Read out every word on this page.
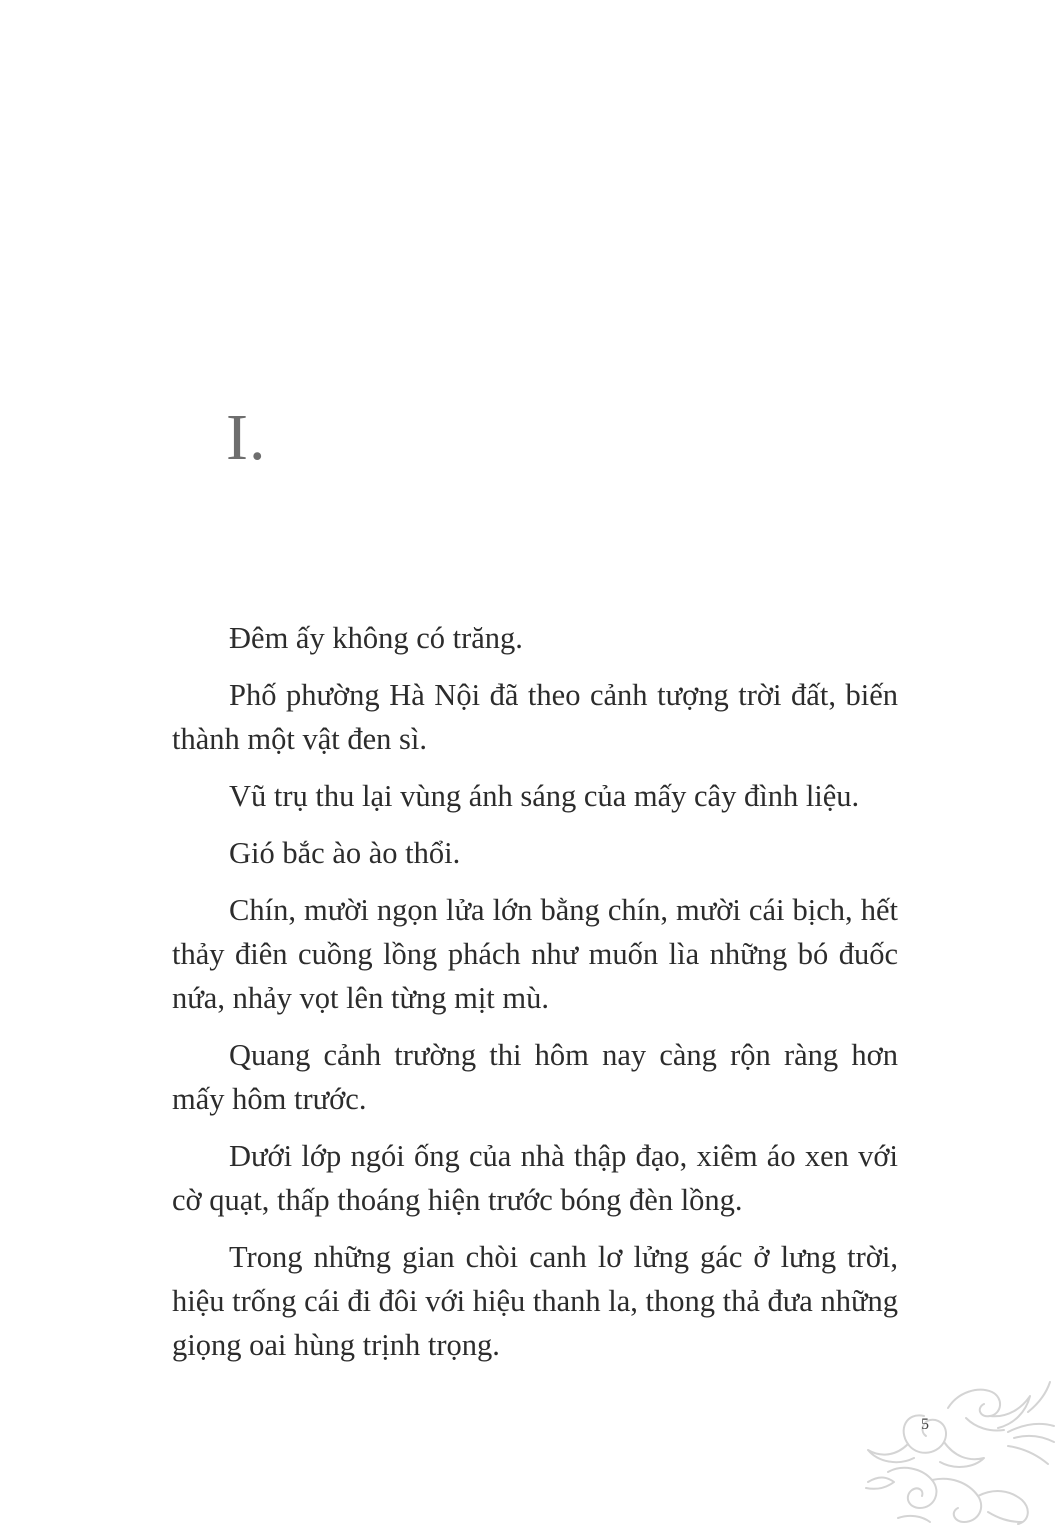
I.

Đêm ấy không có trăng.

Phố phường Hà Nội đã theo cảnh tượng trời đất, biến thành một vật đen sì.

Vũ trụ thu lại vùng ánh sáng của mấy cây đình liệu.

Gió bắc ào ào thổi.

Chín, mười ngọn lửa lớn bằng chín, mười cái bịch, hết thảy điên cuồng lồng phách như muốn lìa những bó đuốc nứa, nhảy vọt lên từng mịt mù.

Quang cảnh trường thi hôm nay càng rộn ràng hơn mấy hôm trước.

Dưới lớp ngói ống của nhà thập đạo, xiêm áo xen với cờ quạt, thấp thoáng hiện trước bóng đèn lồng.

Trong những gian chòi canh lơ lửng gác ở lưng trời, hiệu trống cái đi đôi với hiệu thanh la, thong thả đưa những giọng oai hùng trịnh trọng.

5
